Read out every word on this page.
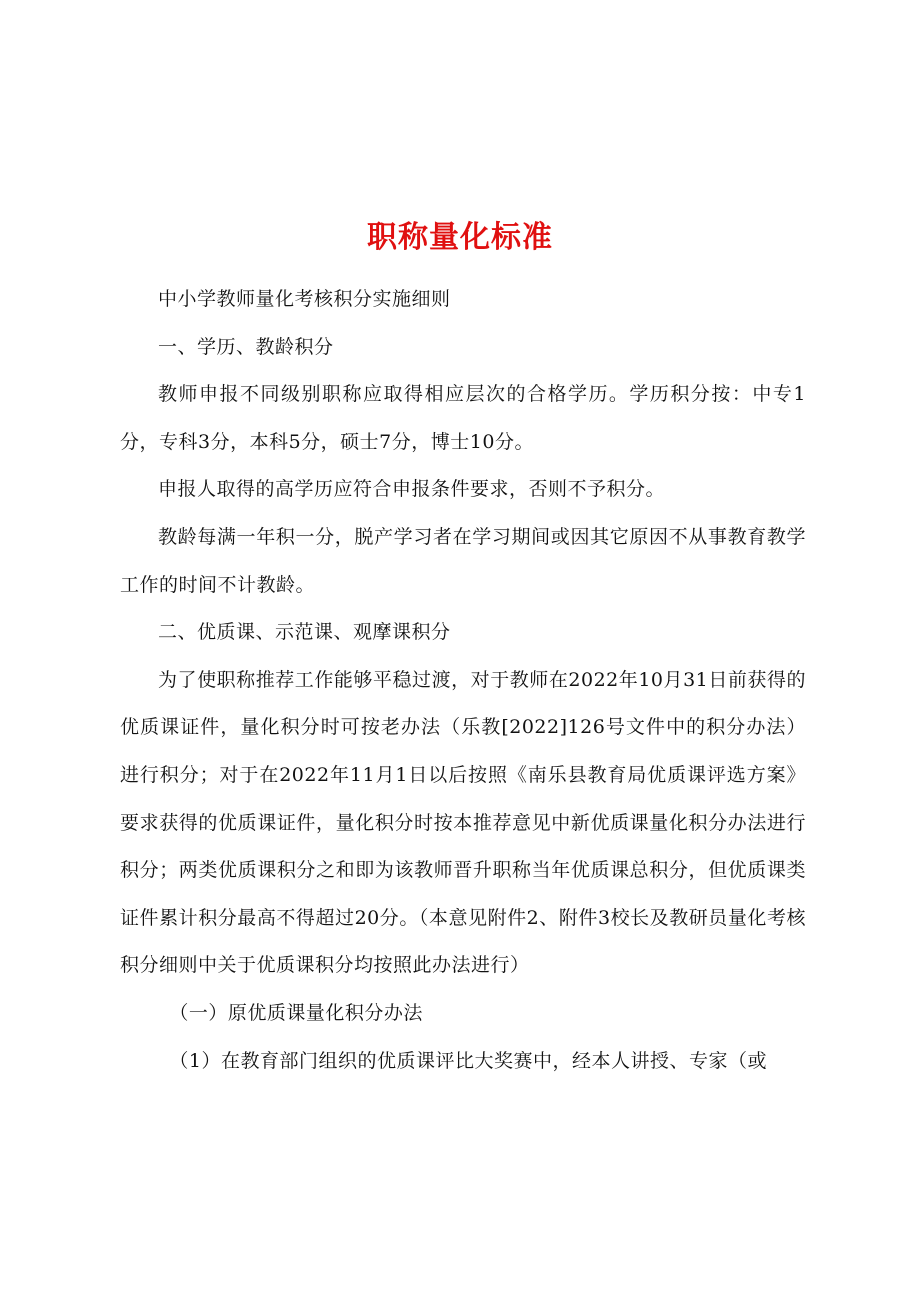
职称量化标准

中小学教师量化考核积分实施细则

一、学历、教龄积分

教师申报不同级别职称应取得相应层次的合格学历。学历积分按：中专1分，专科3分，本科5分，硕士7分，博士10分。

申报人取得的高学历应符合申报条件要求，否则不予积分。

教龄每满一年积一分，脱产学习者在学习期间或因其它原因不从事教育教学工作的时间不计教龄。

二、优质课、示范课、观摩课积分

为了使职称推荐工作能够平稳过渡，对于教师在2022年10月31日前获得的优质课证件，量化积分时可按老办法（乐教[2022]126号文件中的积分办法）进行积分；对于在2022年11月1日以后按照《南乐县教育局优质课评选方案》要求获得的优质课证件，量化积分时按本推荐意见中新优质课量化积分办法进行积分；两类优质课积分之和即为该教师晋升职称当年优质课总积分，但优质课类证件累计积分最高不得超过20分。（本意见附件2、附件3校长及教研员量化考核积分细则中关于优质课积分均按照此办法进行）

（一）原优质课量化积分办法

（1）在教育部门组织的优质课评比大奖赛中，经本人讲授、专家（或
